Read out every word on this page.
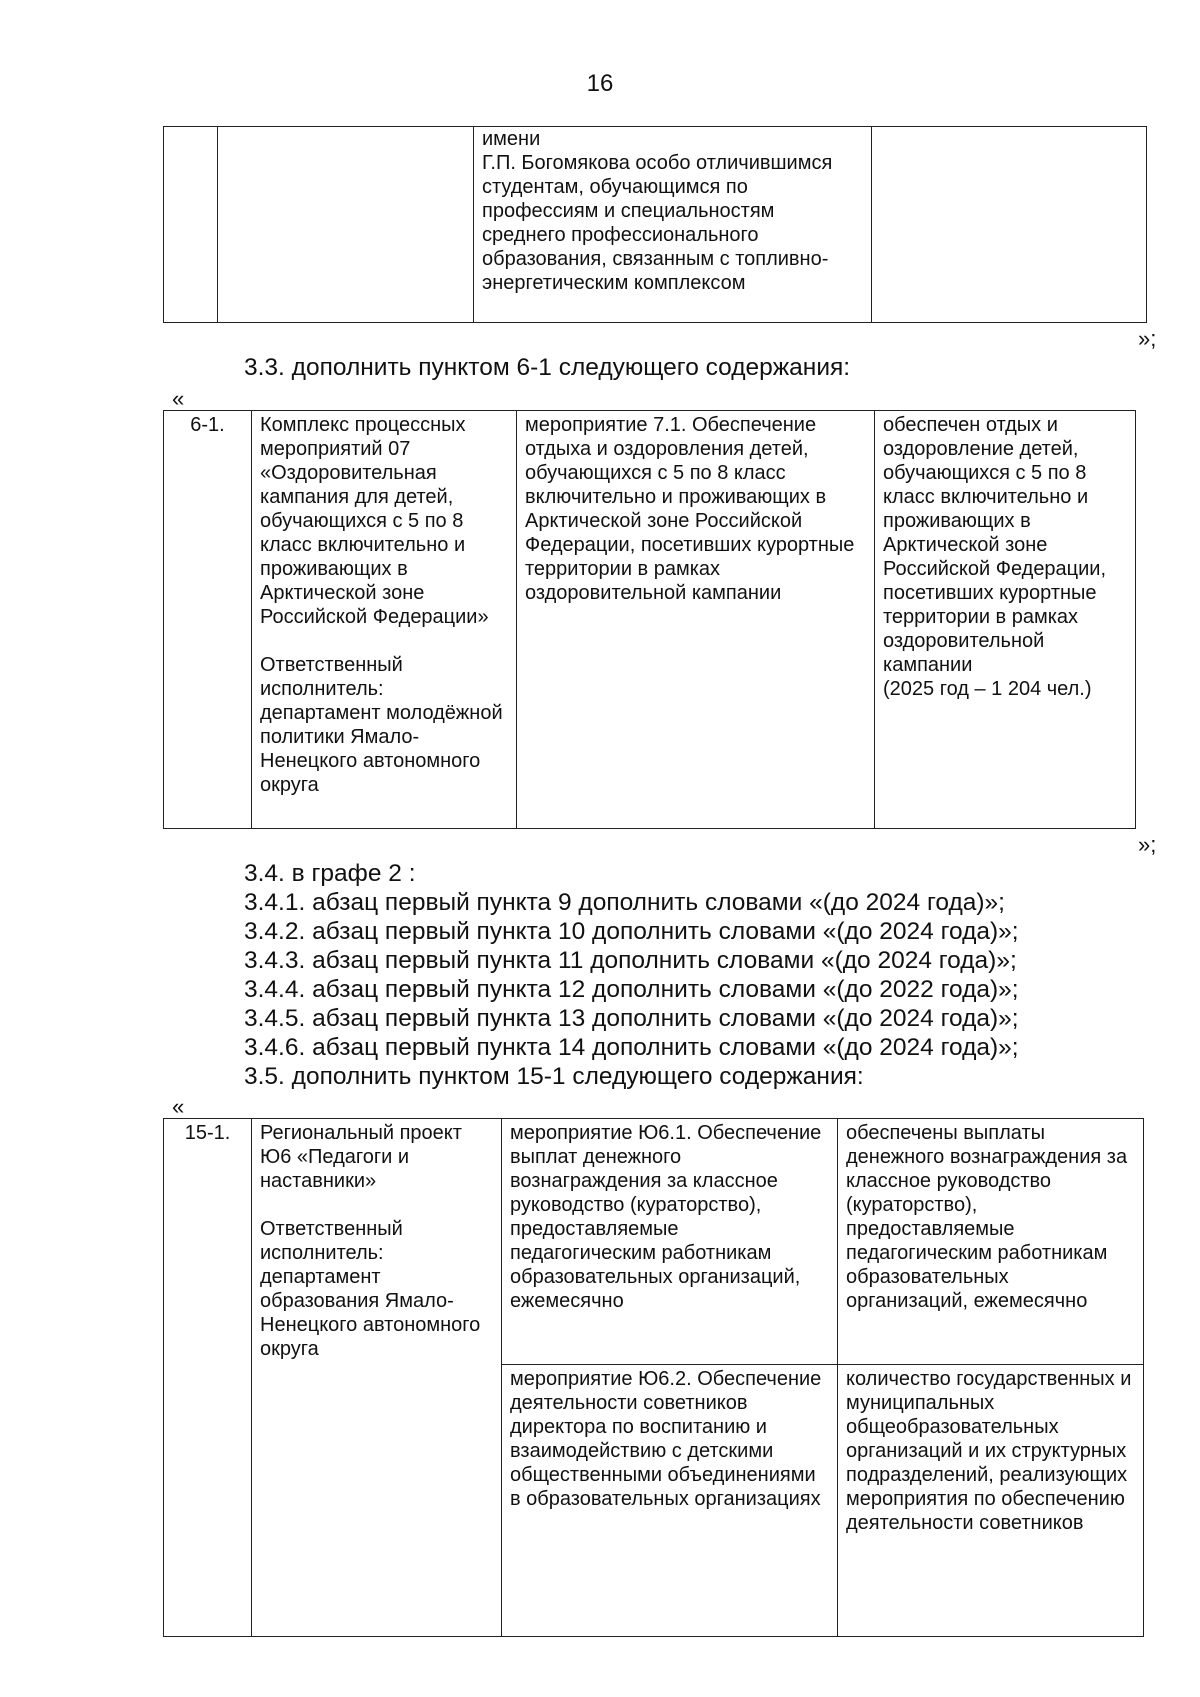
16
		имени
Г.П. Богомякова особо отличившимся студентам, обучающимся по профессиям и специальностям среднего профессионального образования, связанным с топливно-энергетическим комплексом	
»;
3.3. дополнить пунктом 6-1 следующего содержания:
«
6-1.	Комплекс процессных мероприятий 07 «Оздоровительная кампания для детей, обучающихся с 5 по 8 класс включительно и проживающих в Арктической зоне Российской Федерации»

Ответственный исполнитель: департамент молодёжной политики Ямало-Ненецкого автономного округа	мероприятие 7.1. Обеспечение отдыха и оздоровления детей, обучающихся с 5 по 8 класс включительно и проживающих в Арктической зоне Российской Федерации, посетивших курортные территории в рамках оздоровительной кампании	обеспечен отдых и оздоровление детей, обучающихся с 5 по 8 класс включительно и проживающих в Арктической зоне Российской Федерации, посетивших курортные территории в рамках оздоровительной кампании
(2025 год – 1 204 чел.)
»;
3.4. в графе 2 :
3.4.1. абзац первый пункта 9 дополнить словами «(до 2024 года)»;
3.4.2. абзац первый пункта 10 дополнить словами «(до 2024 года)»;
3.4.3. абзац первый пункта 11 дополнить словами «(до 2024 года)»;
3.4.4. абзац первый пункта 12 дополнить словами «(до 2022 года)»;
3.4.5. абзац первый пункта 13 дополнить словами «(до 2024 года)»;
3.4.6. абзац первый пункта 14 дополнить словами «(до 2024 года)»;
3.5. дополнить пунктом 15-1 следующего содержания:
«
15-1.	Региональный проект Ю6 «Педагоги и наставники»

Ответственный исполнитель: департамент образования Ямало-Ненецкого автономного округа	мероприятие Ю6.1. Обеспечение выплат денежного вознаграждения за классное руководство (кураторство), предоставляемые педагогическим работникам образовательных организаций, ежемесячно	обеспечены выплаты денежного вознаграждения за классное руководство (кураторство), предоставляемые педагогическим работникам образовательных организаций, ежемесячно
		мероприятие Ю6.2. Обеспечение деятельности советников директора по воспитанию и взаимодействию с детскими общественными объединениями в образовательных организациях	количество государственных и муниципальных общеобразовательных организаций и их структурных подразделений, реализующих мероприятия по обеспечению деятельности советников
